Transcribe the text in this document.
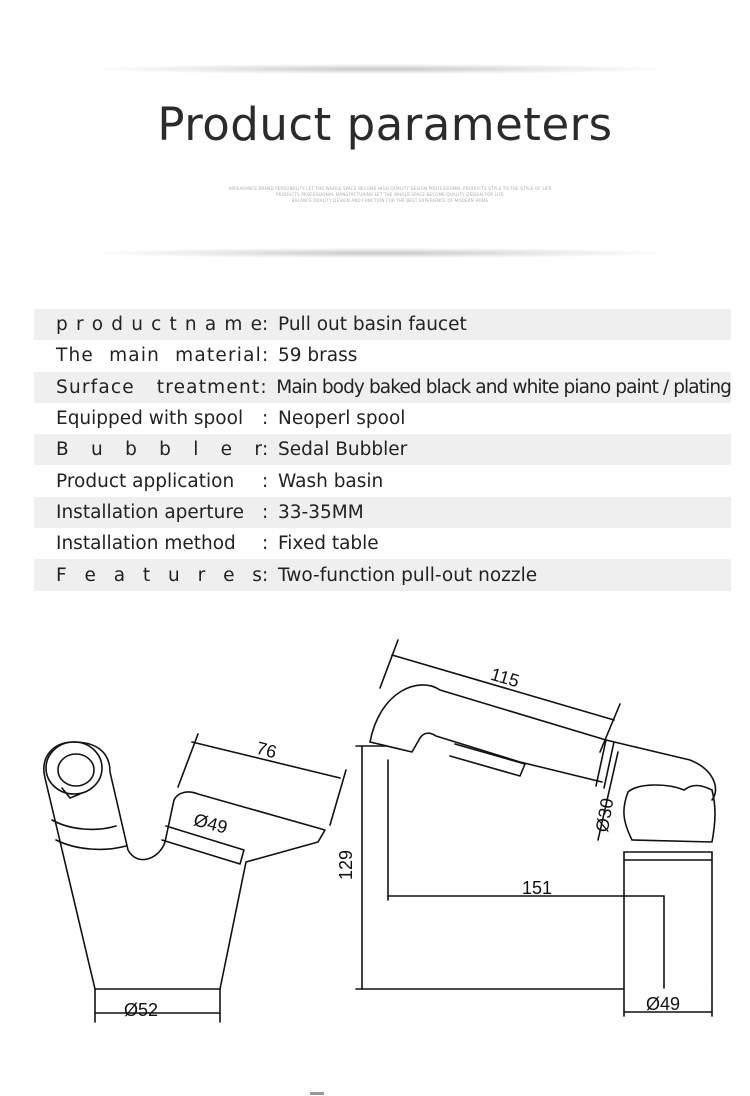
Product parameters
APPEARANCE BRAND PERSONALITY LET THE WHOLE SPACE BECOME HIGH QUALITY DESIGN PROFESSIONAL PRODUCTS STYLE TO THE STYLE OF LIFE
PRODUCTS PROFESSIONAL MANUFACTURING LET THE WHOLE SPACE BECOME QUALITY DESIGN FOR LIFE
BALANCE QUALITY DESIGN AND FUNCTION FOR THE BEST EXPERIENCE OF MODERN HOME
p r o d u c t n a m e : Pull out basin faucet
The main material : 59 brass
Surface treatment : Main body baked black and white piano paint / plating
Equipped with spool	: Neoperl spool
B u b b l e r : Sedal Bubbler
Product application	: Wash basin
Installation aperture : 33-35MM
Installation method	: Fixed table
F e a t u r e s : Two-function pull-out nozzle
76
Ø49
Ø52
115
Ø30
129
151
Ø49
